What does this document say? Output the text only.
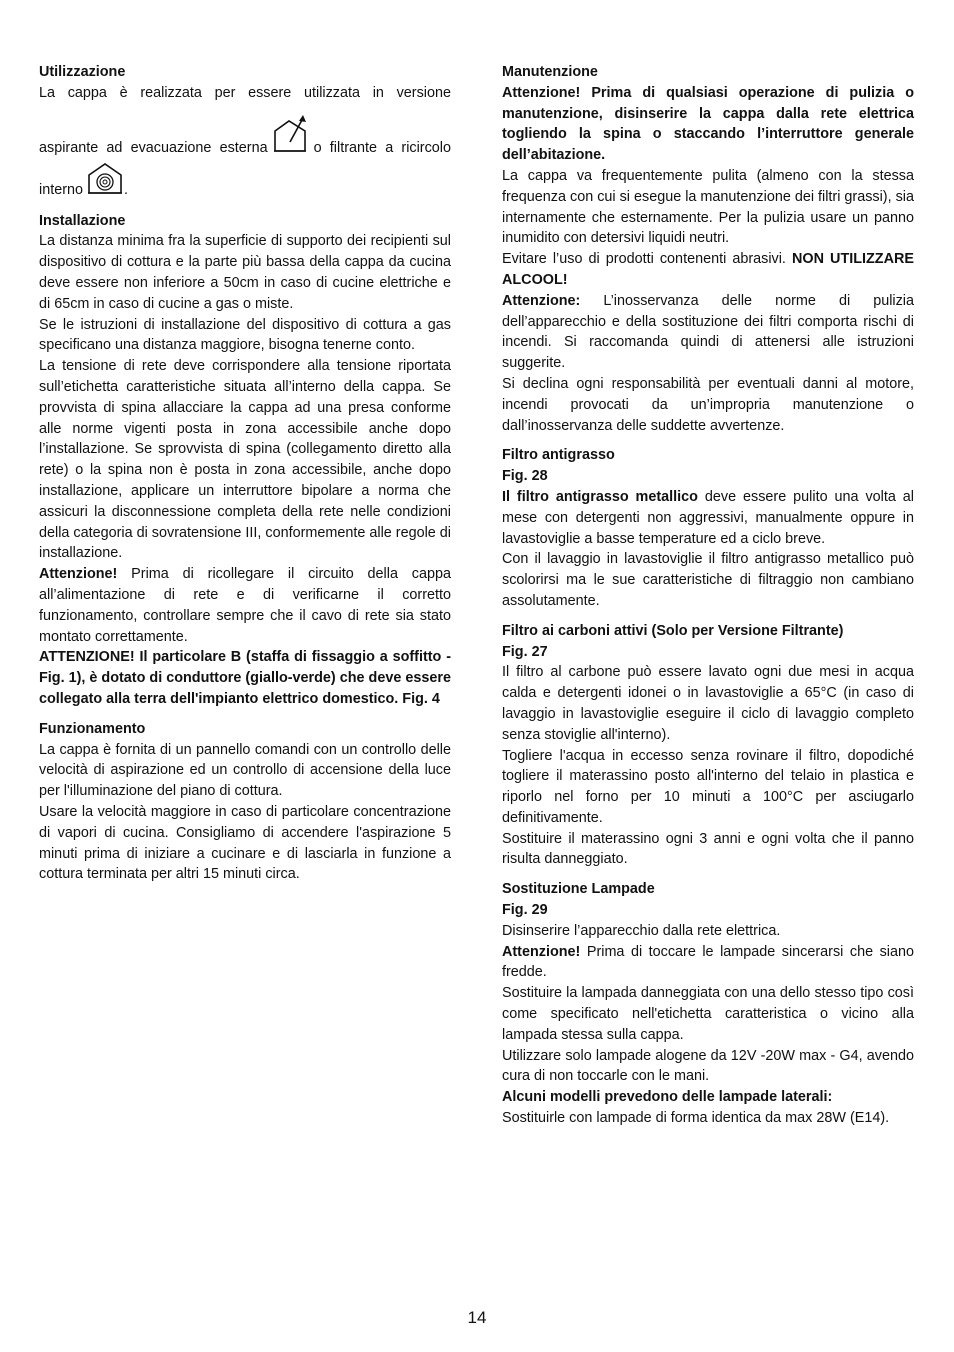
Utilizzazione

La cappa è realizzata per essere utilizzata in versione

aspirante ad evacuazione esterna	o filtrante a ricircolo

interno	.

Installazione

La distanza minima fra la superficie di supporto dei recipienti sul dispositivo di cottura e la parte più bassa della cappa da cucina deve essere non inferiore a 50cm in caso di cucine elettriche e di 65cm in caso di cucine a gas o miste.

Se le istruzioni di installazione del dispositivo di cottura a gas specificano una distanza maggiore, bisogna tenerne conto.

La tensione di rete deve corrispondere alla tensione riportata sull’etichetta caratteristiche situata all’interno della cappa. Se provvista di spina allacciare la cappa ad una presa conforme alle norme vigenti posta in zona accessibile anche dopo l’installazione. Se sprovvista di spina (collegamento diretto alla rete) o la spina non è posta in zona accessibile, anche dopo installazione, applicare un interruttore bipolare a norma che assicuri la disconnessione completa della rete nelle condizioni della categoria di sovratensione III, conformemente alle regole di installazione.

Attenzione! Prima di ricollegare il circuito della cappa all’alimentazione di rete e di verificarne il corretto funzionamento, controllare sempre che il cavo di rete sia stato montato correttamente.

ATTENZIONE! Il particolare B (staffa di fissaggio a soffitto - Fig. 1), è dotato di conduttore (giallo-verde) che deve essere collegato alla terra dell'impianto elettrico domestico. Fig. 4

Funzionamento

La cappa è fornita di un pannello comandi con un controllo delle velocità di aspirazione ed un controllo di accensione della luce per l'illuminazione del piano di cottura.

Usare la velocità maggiore in caso di particolare concentrazione di vapori di cucina. Consigliamo di accendere l'aspirazione 5 minuti prima di iniziare a cucinare e di lasciarla in funzione a cottura terminata per altri 15 minuti circa.

Manutenzione

Attenzione! Prima di qualsiasi operazione di pulizia o manutenzione, disinserire la cappa dalla rete elettrica togliendo la spina o staccando l’interruttore generale dell’abitazione.

La cappa va frequentemente pulita (almeno con la stessa frequenza con cui si esegue la manutenzione dei filtri grassi), sia internamente che esternamente. Per la pulizia usare un panno inumidito con detersivi liquidi neutri.

Evitare l’uso di prodotti contenenti abrasivi. NON UTILIZZARE ALCOOL!

Attenzione: L’inosservanza delle norme di pulizia dell’apparecchio e della sostituzione dei filtri comporta rischi di incendi. Si raccomanda quindi di attenersi alle istruzioni suggerite.

Si declina ogni responsabilità per eventuali danni al motore, incendi provocati da un’impropria manutenzione o dall’inosservanza delle suddette avvertenze.

Filtro antigrasso

Fig. 28

Il filtro antigrasso metallico deve essere pulito una volta al mese con detergenti non aggressivi, manualmente oppure in lavastoviglie a basse temperature ed a ciclo breve.

Con il lavaggio in lavastoviglie il filtro antigrasso metallico può scolorirsi ma le sue caratteristiche di filtraggio non cambiano assolutamente.

Filtro ai carboni attivi (Solo per Versione Filtrante)

Fig. 27

Il filtro al carbone può essere lavato ogni due mesi in acqua calda e detergenti idonei o in lavastoviglie a 65°C (in caso di lavaggio in lavastoviglie eseguire il ciclo di lavaggio completo senza stoviglie all'interno).

Togliere l'acqua in eccesso senza rovinare il filtro, dopodiché togliere il materassino posto all'interno del telaio in plastica e riporlo nel forno per 10 minuti a 100°C per asciugarlo definitivamente.

Sostituire il materassino ogni 3 anni e ogni volta che il panno risulta danneggiato.

Sostituzione Lampade

Fig. 29

Disinserire l’apparecchio dalla rete elettrica.

Attenzione! Prima di toccare le lampade sincerarsi che siano fredde.

Sostituire la lampada danneggiata con una dello stesso tipo così come specificato nell'etichetta caratteristica o vicino alla lampada stessa sulla cappa.

Utilizzare solo lampade alogene da 12V -20W max - G4, avendo cura di non toccarle con le mani.

Alcuni modelli prevedono delle lampade laterali:

Sostituirle con lampade di forma identica da max 28W (E14).

14
